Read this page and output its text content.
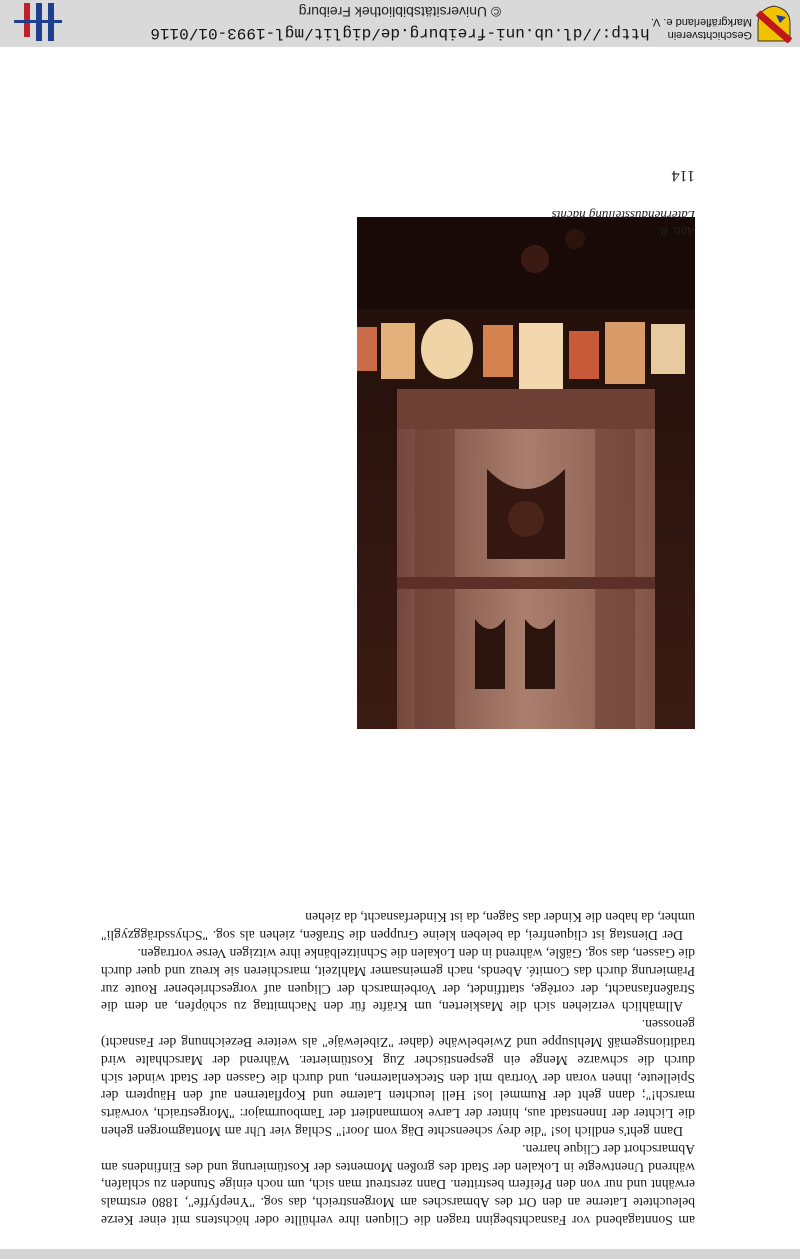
am Sonntagabend vor Fasnachtsbeginn tragen die Cliquen ihre verhüllte oder höchstens mit einer Kerze beleuchtete Laterne an den Ort des Abmarsches am Morgenstreich, das sog. "Ynepfyffe", 1880 erstmals erwähnt und nur von den Pfeifern bestritten. Dann zerstreut man sich, um noch einige Stunden zu schlafen, während Unentwegte in Lokalen der Stadt des großen Momentes der Kostümierung und des Einfindens am Abmarschort der Clique harren.

Dann geht's endlich los! "die drey scheenschte Däg vom Joor!" Schlag vier Uhr am Montagmorgen gehen die Lichter der Innenstadt aus, hinter der Larve kommandiert der Tambourmajor: "Morgestraich, vorwärts marsch!"; dann geht der Rummel los! Hell leuchten Laterne und Kopflaternen auf den Häuptern der Spielleute, ihnen voran der Vortrab mit den Steckenlaternen, und durch die Gassen der Stadt windet sich durch die schwarze Menge ein gespenstischer Zug Kostümierter. Während der Marschhalte wird traditionsgemäß Mehlsuppe und Zwiebelwähe (daher "Zibelewäje" als weitere Bezeichnung der Fasnacht) genossen.

Allmählich verziehen sich die Maskierten, um Kräfte für den Nachmittag zu schöpfen, an dem die Straßenfasnacht, der cortège, stattfindet, der Vorbeimarsch der Cliquen auf vorgeschriebener Route zur Prämierung durch das Comité. Abends, nach gemeinsamer Mahlzeit, marschieren sie kreuz und quer durch die Gassen, das sog. Gäßle, während in den Lokalen die Schnitzelbänke ihre witzigen Verse vortragen.

Der Dienstag ist cliquenfrei, da beleben kleine Gruppen die Straßen, ziehen als sog. "Schyssdräggzygli" umher, da haben die Kinder das Sagen, da ist Kinderfasnacht, da ziehen

Abb. 8:
Laternenausstellung nachts
114
http://dl.ub.uni-freiburg.de/diglit/mgl-1993-01/0116
© Universitätsbibliothek Freiburg
Geschichtsverein
Markgräflerland e. V.
